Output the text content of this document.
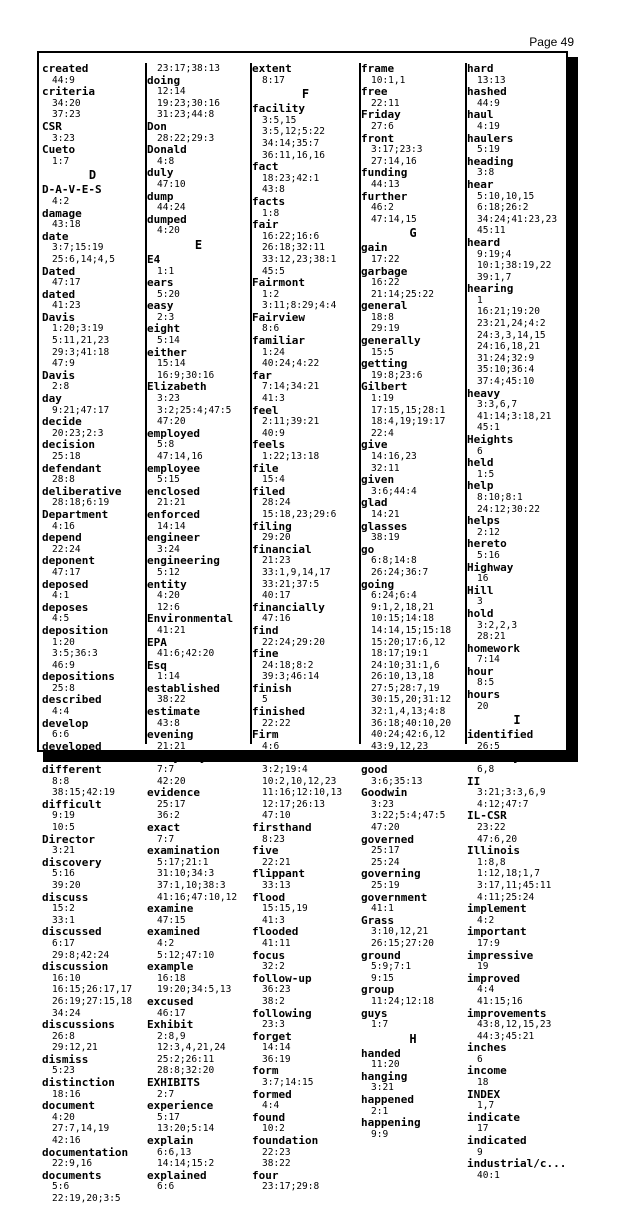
Page 49
created
44:9
criteria
34:20
37:23
CSR
3:23
Cueto
1:7
D
D-A-V-E-S
4:2
damage
43:18
date
3:7;15:19
25:6,14;4,5
Dated
47:17
dated
41:23
Davis
1:20;3:19
5:11,21,23
29:3;41:18
47:9
Davis
2:8
day
9:21;47:17
decide
20:23;2:3
decision
25:18
defendant
28:8
deliberative
28:18;6:19
Department
4:16
depend
22:24
deponent
47:17
deposed
4:1
deposes
4:5
deposition
1:20
3:5;36:3
46:9
depositions
25:8
described
4:4
develop
6:6
developed
9:17
different
8:8
38:15;42:19
difficult
9:19
10:5
Director
3:21
discovery
5:16
39:20
discuss
15:2
33:1
discussed
6:17
29:8;42:24
discussion
16:10
16:15;26:17,17
26:19;27:15,18
34:24
discussions
26:8
29:12,21
dismiss
5:23
distinction
18:16
document
4:20
27:7,14,19
42:16
documentation
22:9,16
documents
5:6
22:19,20;3:5
23:17;38:13
doing
12:14
19:23;30:16
31:23;44:8
Don
28:22;29:3
Donald
4:8
duly
47:10
dump
44:24
dumped
4:20
E
E4
1:1
ears
5:20
easy
2:3
eight
5:14
either
15:14
16:9;30:16
Elizabeth
3:23
3:2;25:4;47:5
47:20
employed
5:8
47:14,16
employee
5:15
enclosed
21:21
enforced
14:14
engineer
3:24
engineering
5:12
entity
4:20
12:6
Environmental
41:21
EPA
41:6;42:20
Esq
1:14
established
38:22
estimate
43:8
evening
21:21
everybody
7:7
42:20
evidence
25:17
36:2
exact
7:7
examination
5:17;21:1
31:10;34:3
37:1,10;38:3
41:16;47:10,12
examine
47:15
examined
4:2
5:12;47:10
example
16:18
19:20;34:5,13
excused
46:17
Exhibit
2:8,9
12:3,4,21,24
25:2;26:11
28:8;32:20
EXHIBITS
2:7
experience
5:17
13:20;5:14
explain
6:6,13
14:14;15:2
explained
6:6
extent
8:17
F
facility
3:5,15
3:5,12;5:22
34:14;35:7
36:11,16,16
fact
18:23;42:1
43:8
facts
1:8
fair
16:22;16:6
26:18;32:11
33:12,23;38:1
45:5
Fairmont
1:2
3:11;8:29;4:4
Fairview
8:6
familiar
1:24
40:24;4:22
far
7:14;34:21
41:3
feel
2:11;39:21
40:9
feels
1:22;13:18
file
15:4
filed
28:24
15:18,23;29:6
filing
29:20
financial
21:23
33:1,9,14,17
33:21;37:5
40:17
financially
47:16
find
22:24;29:20
fine
24:18;8:2
39:3;46:14
finish
5
finished
22:22
Firm
4:6
first
3:2;19:4
10:2,10,12,23
11:16;12:10,13
12:17;26:13
47:10
firsthand
8:23
five
22:21
flippant
33:13
flood
15:15,19
41:3
flooded
41:11
focus
32:2
follow-up
36:23
38:2
following
23:3
forget
14:14
36:19
form
3:7;14:15
formed
4:4
found
10:2
foundation
22:23
38:22
four
23:17;29:8
frame
10:1,1
free
22:11
Friday
27:6
front
3:17;23:3
27:14,16
funding
44:13
further
46:2
47:14,15
G
gain
17:22
garbage
16:22
21:14;25:22
general
18:8
29:19
generally
15:5
getting
19:8;23:6
Gilbert
1:19
17:15,15;28:1
18:4,19;19:17
22:4
give
14:16,23
32:11
given
3:6;44:4
glad
14:21
glasses
38:19
go
6:8;14:8
26:24;36:7
going
6:24;6:4
9:1,2,18,21
10:15;14:18
14:14,15;15:18
15:20;17:6,12
18:17;19:1
24:10;31:1,6
26:10,13,18
27:5;28:7,19
30:15,20;31:12
32:1,4,13;4:8
36:18;40:10,20
40:24;42:6,12
43:9,12,23
44:2,24;45:16
good
3:6;35:13
Goodwin
3:23
3:22;5:4;47:5
47:20
governed
25:17
25:24
governing
25:19
government
41:1
Grass
3:10,12,21
26:15;27:20
ground
5:9;7:1
9:15
group
11:24;12:18
guys
1:7
H
handed
11:20
hanging
3:21
happened
2:1
happening
9:9
hard
13:13
hashed
44:9
haul
4:19
haulers
5:19
heading
3:8
hear
5:10,10,15
6:18;26:2
34:24;41:23,23
45:11
heard
9:19;4
10:1;38:19,22
39:1,7
hearing
1
16:21;19:20
23:21,24;4:2
24:3,3,14,15
24:16,18,21
31:24;32:9
35:10;36:4
37:4;45:10
heavy
3:3,6,7
41:14;3:18,21
45:1
Heights
6
held
1:5
help
8:10;8:1
24:12;30:22
helps
2:12
hereto
5:16
Highway
16
Hill
3
hold
3:2,2,3
28:21
homework
7:14
hour
8:5
hours
20
I
identified
26:5
identify
6,8
II
3:21;3:3,6,9
4:12;47:7
IL-CSR
23:22
47:6,20
Illinois
1:8,8
1:12,18;1,7
3:17,11;45:11
4:11;25:24
implement
4:2
important
17:9
impressive
19
improved
4:4
41:15;16
improvements
43:8,12,15,23
44:3;45:21
inches
6
income
18
INDEX
1,7
indicate
17
indicated
9
industrial/c...
40:1
